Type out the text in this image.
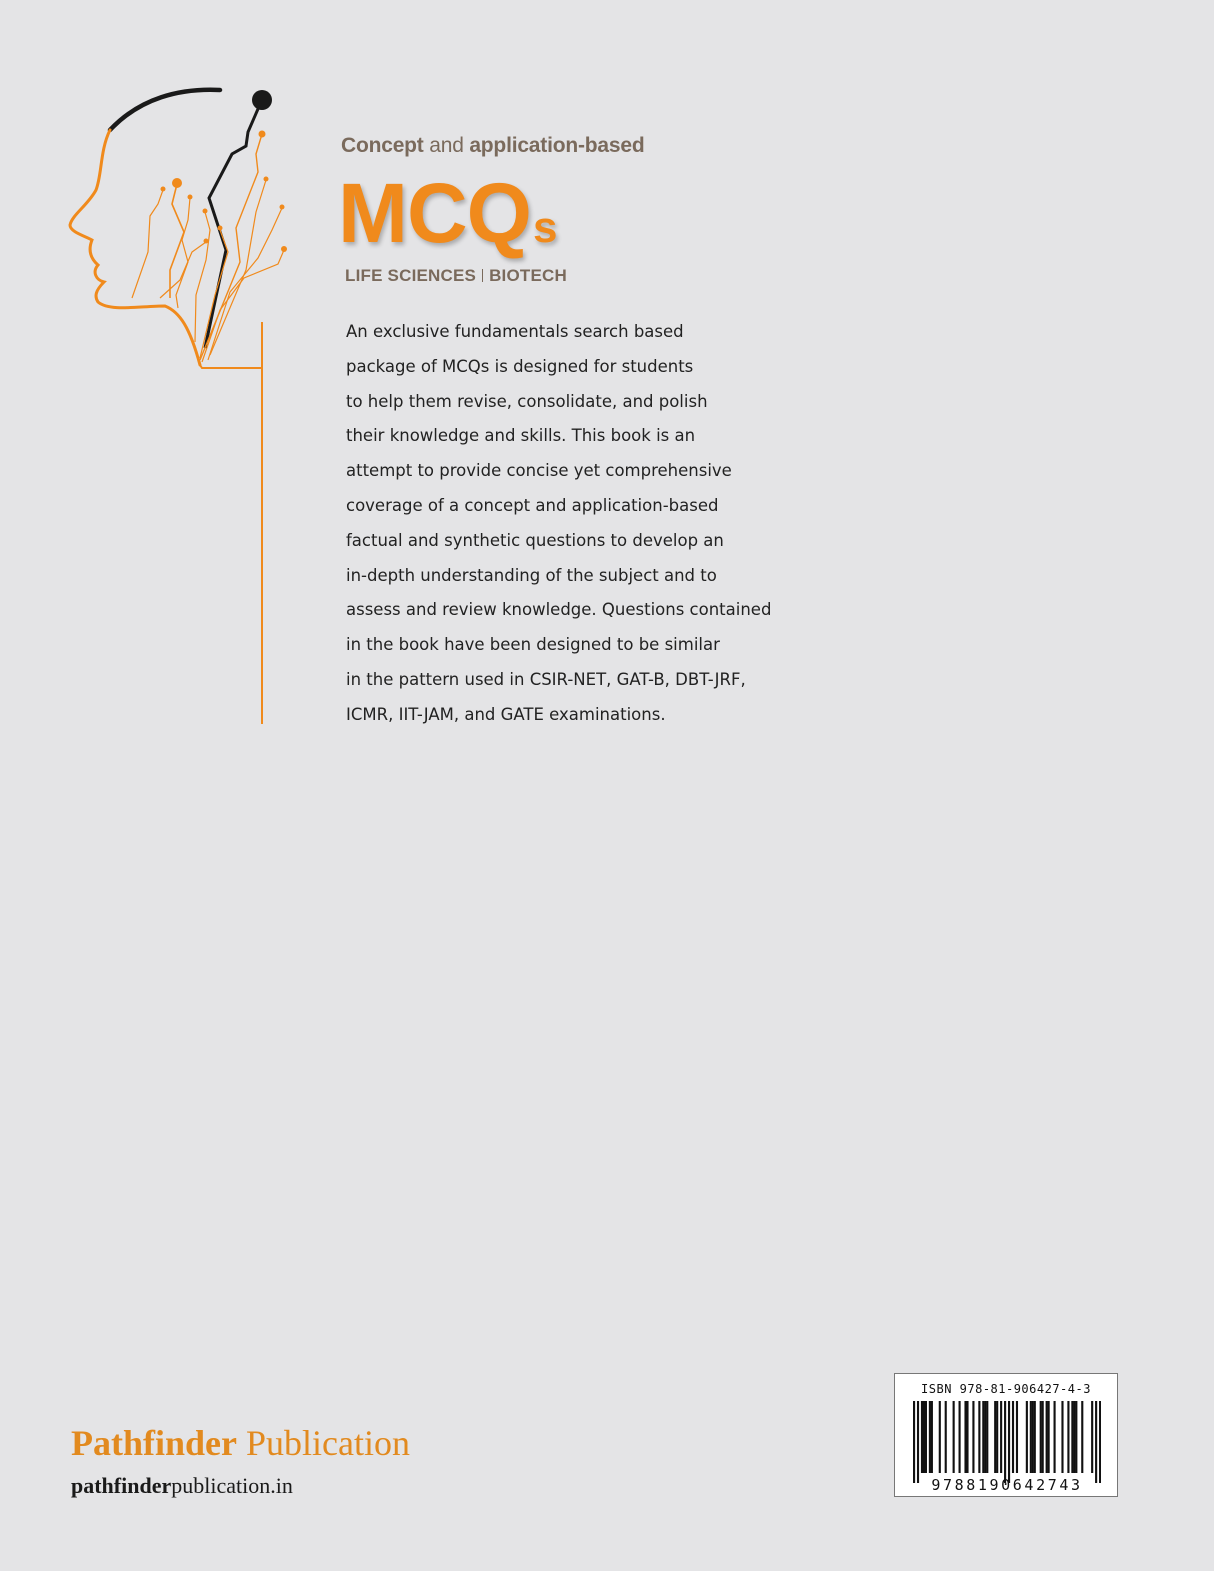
Concept and application-based
MCQs
LIFE SCIENCES BIOTECH
An exclusive fundamentals search based
package of MCQs is designed for students
to help them revise, consolidate, and polish
their knowledge and skills. This book is an
attempt to provide concise yet comprehensive
coverage of a concept and application-based
factual and synthetic questions to develop an
in-depth understanding of the subject and to
assess and review knowledge. Questions contained
in the book have been designed to be similar
in the pattern used in CSIR-NET, GAT-B, DBT-JRF,
ICMR, IIT-JAM, and GATE examinations.
Pathfinder Publication
pathfinderpublication.in
ISBN 978-81-906427-4-3
9788190642743
